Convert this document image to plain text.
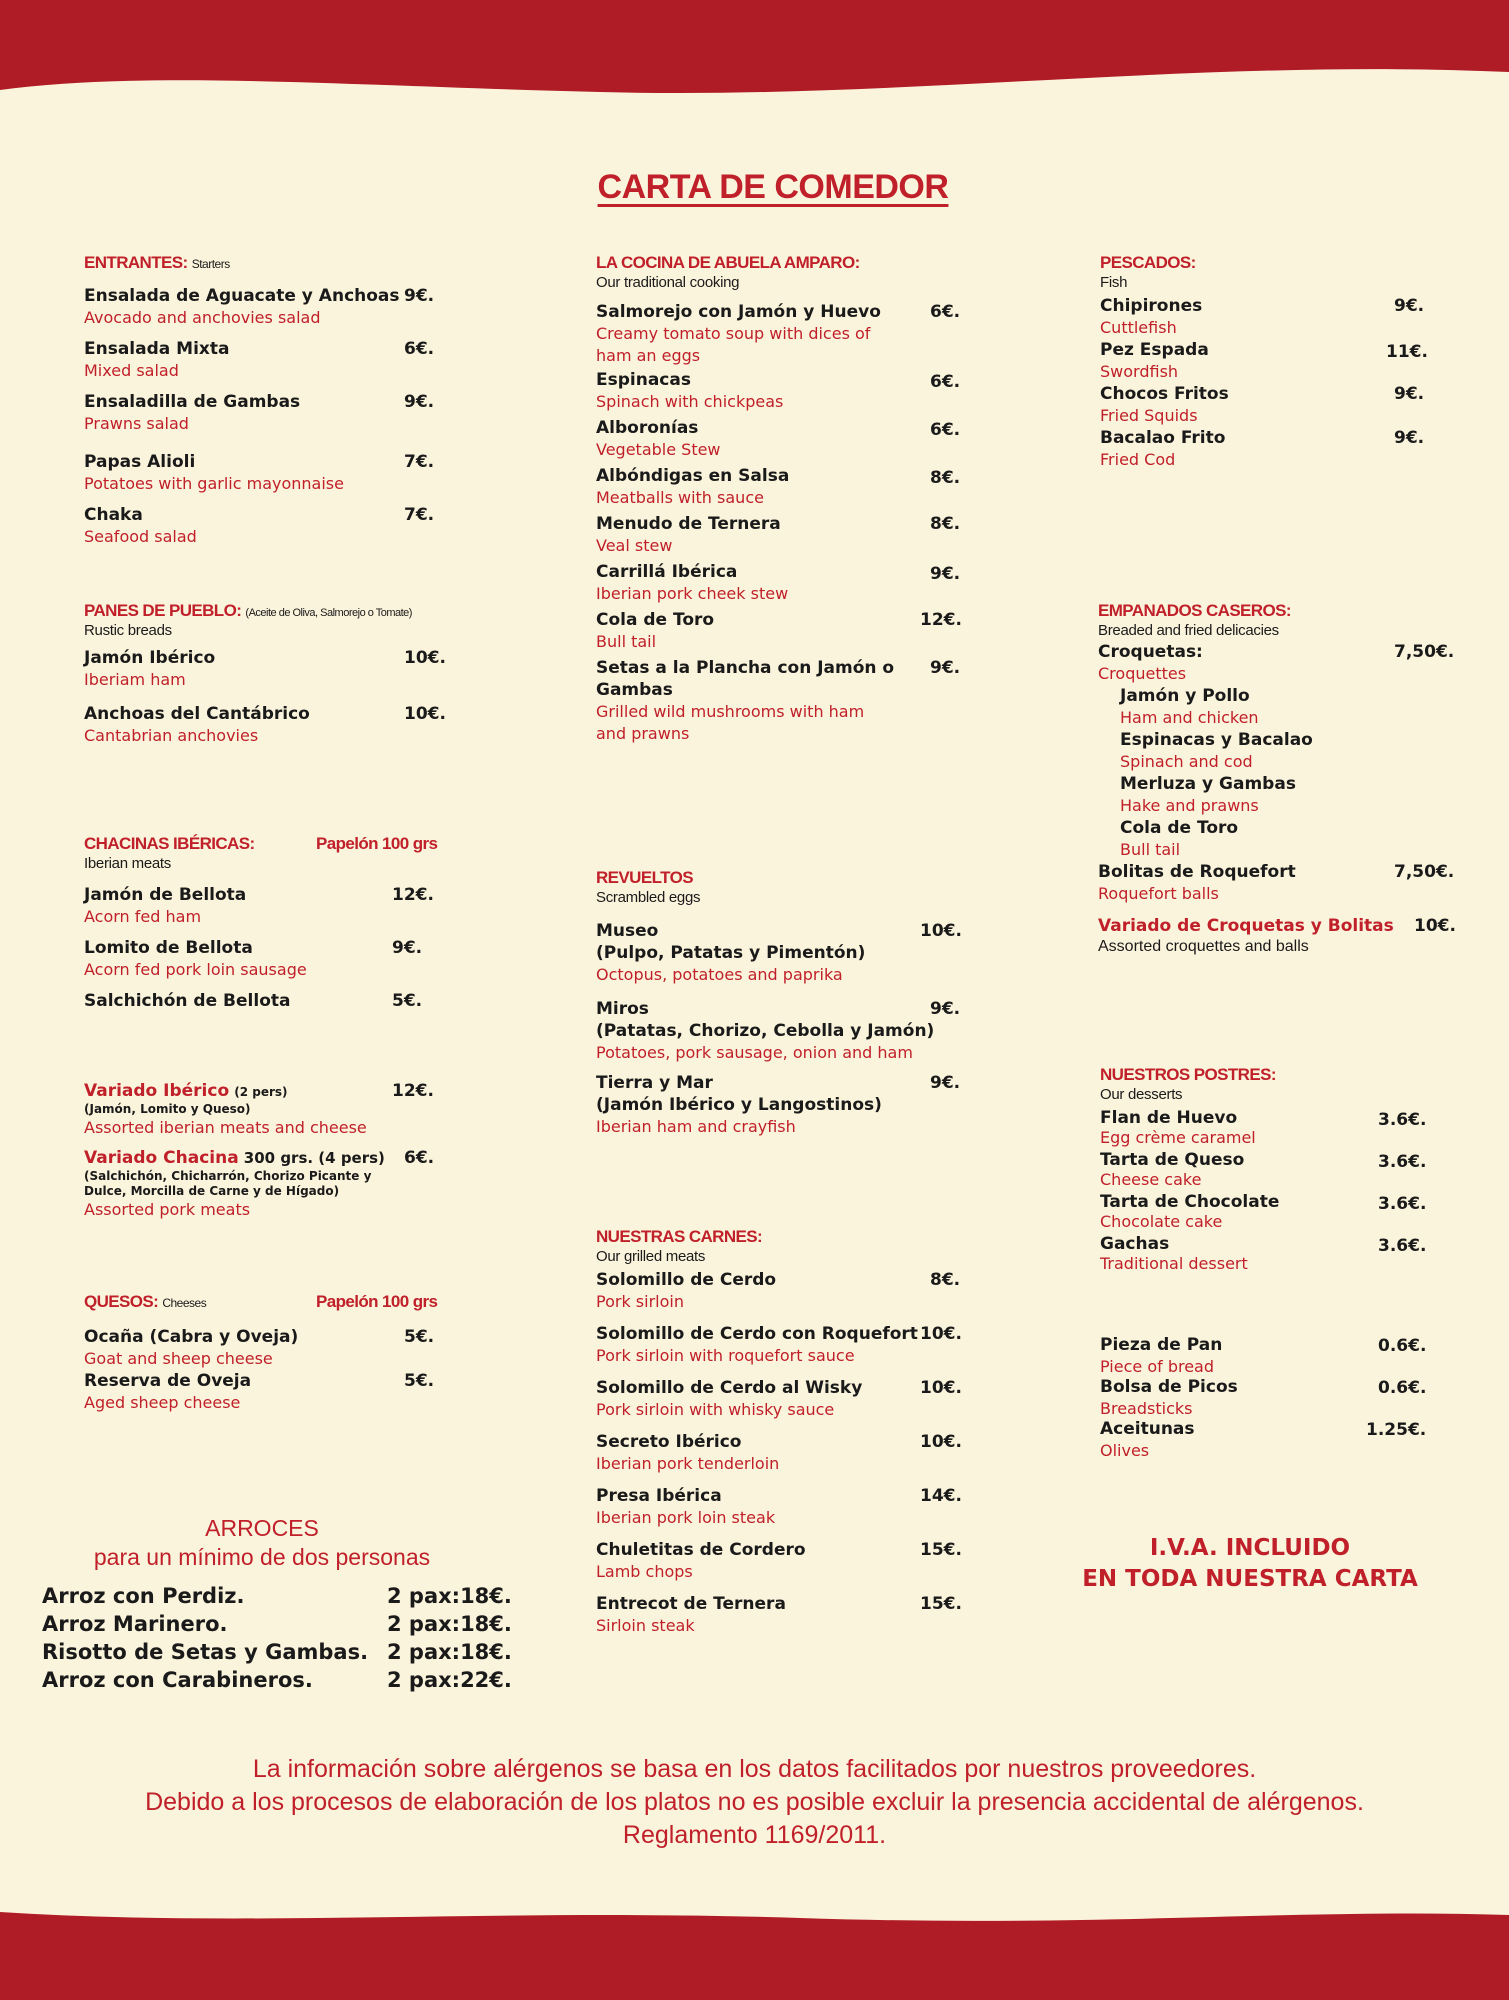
CARTA DE COMEDOR
ENTRANTES: Starters
Ensalada de Aguacate y Anchoas
Avocado and anchovies salad
9€.
Ensalada Mixta
Mixed salad
6€.
Ensaladilla de Gambas
Prawns salad
9€.
Papas Alioli
Potatoes with garlic mayonnaise
7€.
Chaka
Seafood salad
7€.
PANES DE PUEBLO: (Aceite de Oliva, Salmorejo o Tomate)
Rustic breads
Jamón Ibérico
Iberiam ham
10€.
Anchoas del Cantábrico
Cantabrian anchovies
10€.
CHACINAS IBÉRICAS:	Papelón 100 grs
Iberian meats
Jamón de Bellota
Acorn fed ham
12€.
Lomito de Bellota
Acorn fed pork loin sausage
9€.
Salchichón de Bellota	5€.
Variado Ibérico (2 pers)
(Jamón, Lomito y Queso)
Assorted iberian meats and cheese
12€.
Variado Chacina 300 grs. (4 pers)
(Salchichón, Chicharrón, Chorizo Picante y Dulce, Morcilla de Carne y de Hígado)
Assorted pork meats
6€.
QUESOS: Cheeses	Papelón 100 grs
Ocaña (Cabra y Oveja)
Goat and sheep cheese
5€.
Reserva de Oveja
Aged sheep cheese
5€.
ARROCES
para un mínimo de dos personas
Arroz con Perdiz.	2 pax:18€.
Arroz Marinero.	2 pax:18€.
Risotto de Setas y Gambas. 2 pax:18€.
Arroz con Carabineros.	2 pax:22€.
LA COCINA DE ABUELA AMPARO:
Our traditional cooking
Salmorejo con Jamón y Huevo
Creamy tomato soup with dices of ham an eggs
6€.
Espinacas
Spinach with chickpeas
6€.
Alboronías
Vegetable Stew
6€.
Albóndigas en Salsa
Meatballs with sauce
8€.
Menudo de Ternera
Veal stew
8€.
Carrillá Ibérica
Iberian pork cheek stew
9€.
Cola de Toro
Bull tail
12€.
Setas a la Plancha con Jamón o Gambas
Grilled wild mushrooms with ham and prawns
9€.
REVUELTOS
Scrambled eggs
Museo
(Pulpo, Patatas y Pimentón)
Octopus, potatoes and paprika
10€.
Miros
(Patatas, Chorizo, Cebolla y Jamón)
Potatoes, pork sausage, onion and ham
9€.
Tierra y Mar
(Jamón Ibérico y Langostinos)
Iberian ham and crayfish
9€.
NUESTRAS CARNES:
Our grilled meats
Solomillo de Cerdo
Pork sirloin
8€.
Solomillo de Cerdo con Roquefort
Pork sirloin with roquefort sauce
10€.
Solomillo de Cerdo al Wisky
Pork sirloin with whisky sauce
10€.
Secreto Ibérico
Iberian pork tenderloin
10€.
Presa Ibérica
Iberian pork loin steak
14€.
Chuletitas de Cordero
Lamb chops
15€.
Entrecot de Ternera
Sirloin steak
15€.
PESCADOS:
Fish
Chipirones
Cuttlefish
9€.
Pez Espada
Swordfish
11€.
Chocos Fritos
Fried Squids
9€.
Bacalao Frito
Fried Cod
9€.
EMPANADOS CASEROS:
Breaded and fried delicacies
Croquetas:
Croquettes
7,50€.
Jamón y Pollo
Ham and chicken
Espinacas y Bacalao
Spinach and cod
Merluza y Gambas
Hake and prawns
Cola de Toro
Bull tail
Bolitas de Roquefort
Roquefort balls
7,50€.
Variado de Croquetas y Bolitas
Assorted croquettes and balls
10€.
NUESTROS POSTRES:
Our desserts
Flan de Huevo
Egg crème caramel
3.6€.
Tarta de Queso
Cheese cake
3.6€.
Tarta de Chocolate
Chocolate cake
3.6€.
Gachas
Traditional dessert
3.6€.
Pieza de Pan
Piece of bread
0.6€.
Bolsa de Picos
Breadsticks
0.6€.
Aceitunas
Olives
1.25€.
I.V.A. INCLUIDO
EN TODA NUESTRA CARTA
La información sobre alérgenos se basa en los datos facilitados por nuestros proveedores.
Debido a los procesos de elaboración de los platos no es posible excluir la presencia accidental de alérgenos.
Reglamento 1169/2011.
